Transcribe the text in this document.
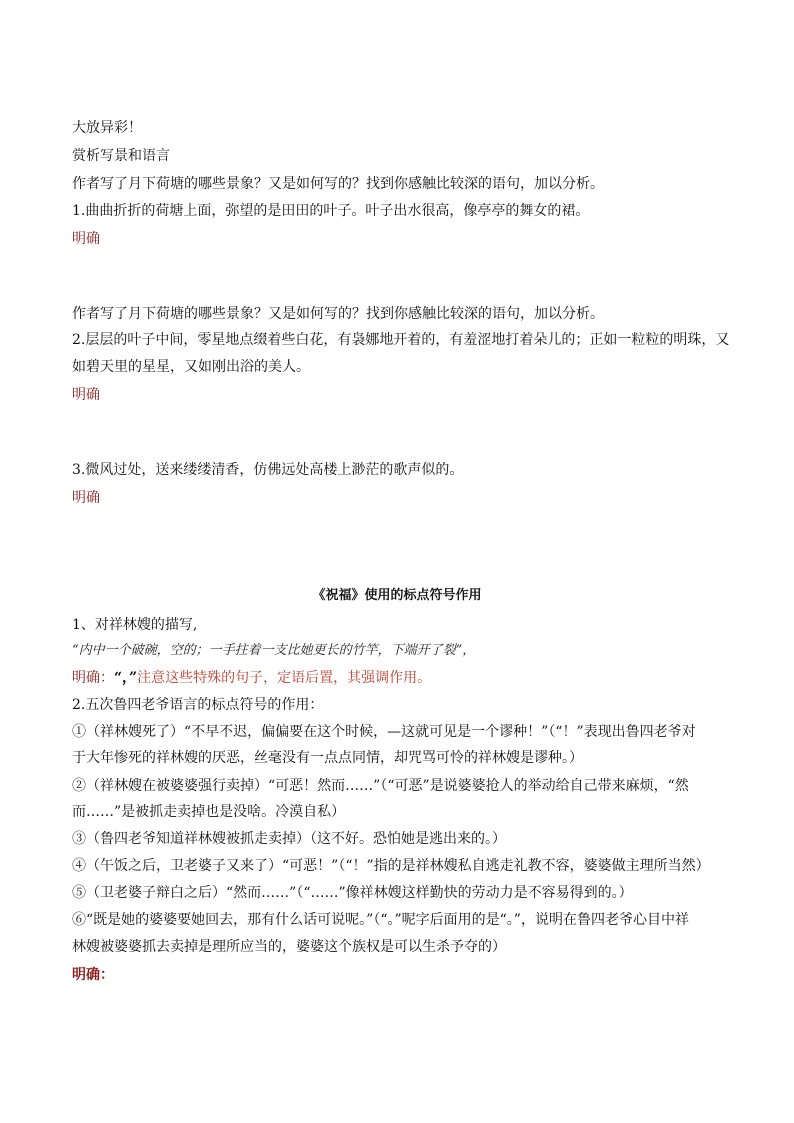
大放异彩！
赏析写景和语言
作者写了月下荷塘的哪些景象？又是如何写的？找到你感触比较深的语句，加以分析。
1.曲曲折折的荷塘上面，弥望的是田田的叶子。叶子出水很高，像亭亭的舞女的裙。
明确
作者写了月下荷塘的哪些景象？又是如何写的？找到你感触比较深的语句，加以分析。
2.层层的叶子中间，零星地点缀着些白花，有袅娜地开着的，有羞涩地打着朵儿的；正如一粒粒的明珠，又
如碧天里的星星，又如刚出浴的美人。
明确
3.微风过处，送来缕缕清香，仿佛远处高楼上渺茫的歌声似的。
明确
《祝福》使用的标点符号作用
1、对祥林嫂的描写,
“内中一个破碗，空的；一手拄着一支比她更长的竹竿，下端开了裂”，
明确：“，”注意这些特殊的句子，定语后置，其强调作用。
2.五次鲁四老爷语言的标点符号的作用：
①（祥林嫂死了）“不早不迟，偏偏要在这个时候，—这就可见是一个谬种！”（“！”表现出鲁四老爷对
于大年惨死的祥林嫂的厌恶，丝毫没有一点点同情，却咒骂可怜的祥林嫂是谬种。）
②（祥林嫂在被婆婆强行卖掉）“可恶！然而……”（“可恶”是说婆婆抢人的举动给自己带来麻烦，“然
而……”是被抓走卖掉也是没啥。冷漠自私）
③（鲁四老爷知道祥林嫂被抓走卖掉）（这不好。恐怕她是逃出来的。）
④（午饭之后，卫老婆子又来了）“可恶！”（“！”指的是祥林嫂私自逃走礼教不容，婆婆做主理所当然）
⑤（卫老婆子辩白之后）“然而……”（“……”像祥林嫂这样勤快的劳动力是不容易得到的。）
⑥“既是她的婆婆要她回去，那有什么话可说呢。”（“。”呢字后面用的是“。”，说明在鲁四老爷心目中祥
林嫂被婆婆抓去卖掉是理所应当的，婆婆这个族权是可以生杀予夺的）
明确：
